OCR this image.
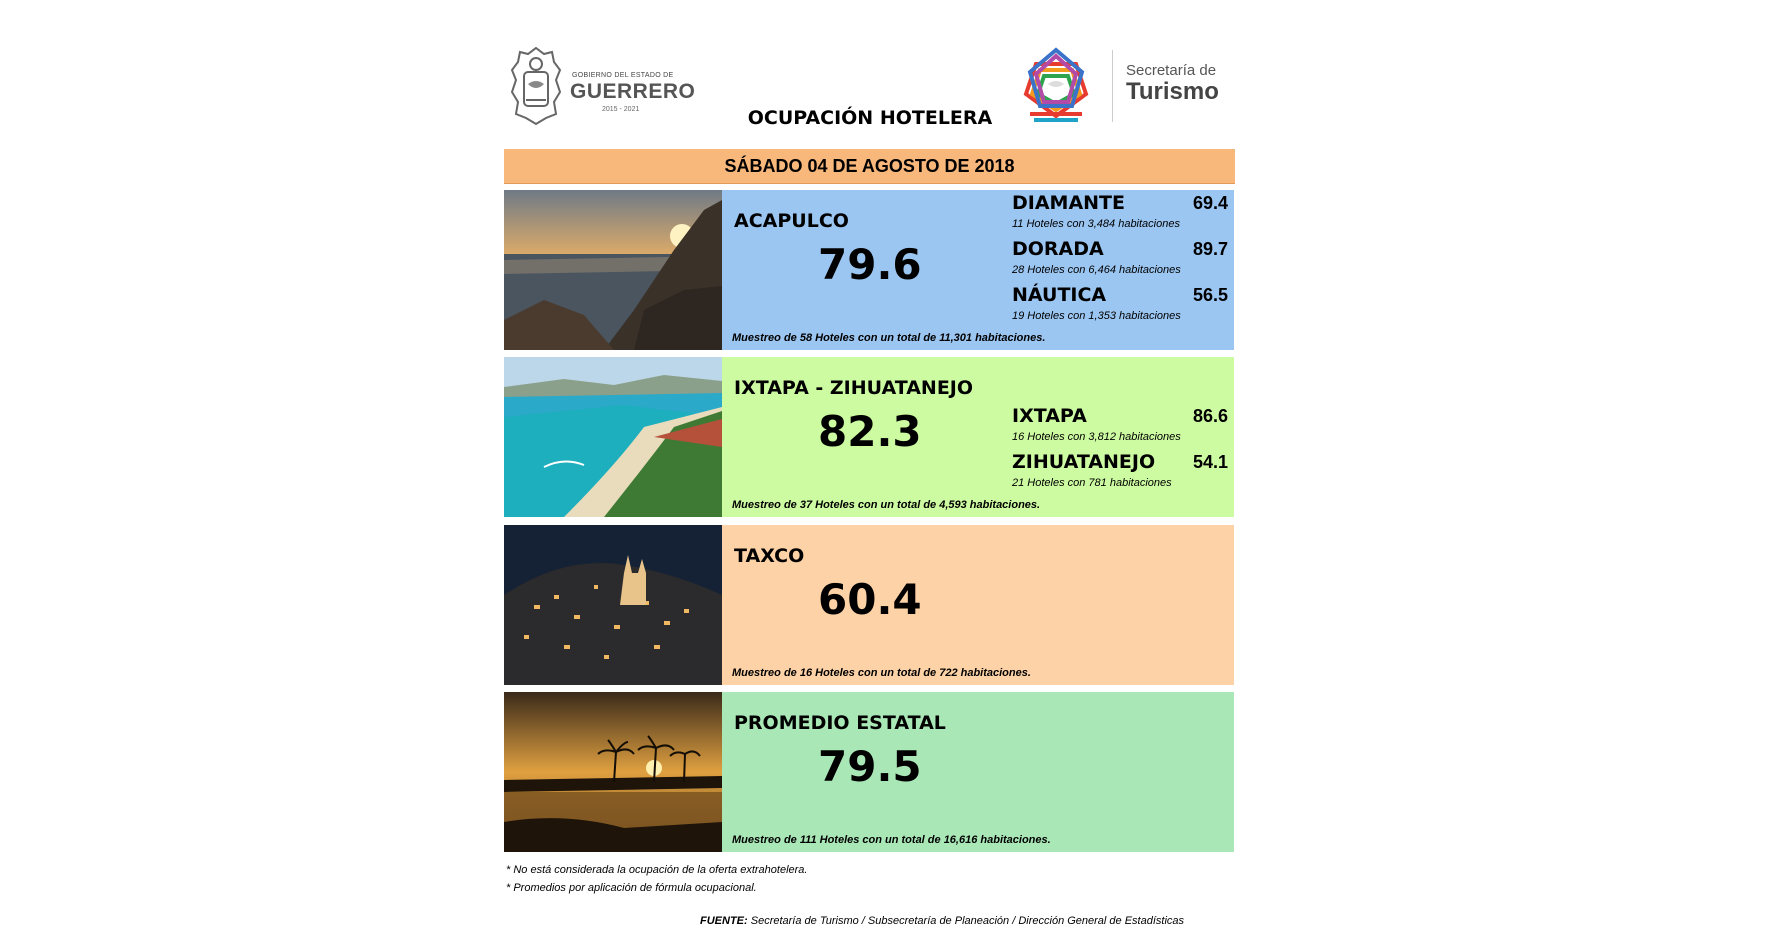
GOBIERNO DEL ESTADO DE
GUERRERO
2015 - 2021
Secretaría de
Turismo
OCUPACIÓN HOTELERA
SÁBADO 04 DE AGOSTO DE 2018
ACAPULCO
79.6
DIAMANTE	69.4
11 Hoteles con 3,484 habitaciones
DORADA	89.7
28 Hoteles con 6,464 habitaciones
NÁUTICA	56.5
19 Hoteles con 1,353 habitaciones
Muestreo de 58 Hoteles con un total de 11,301 habitaciones.
IXTAPA - ZIHUATANEJO
82.3	IXTAPA	86.6
16 Hoteles con 3,812 habitaciones
ZIHUATANEJO 54.1
21 Hoteles con 781 habitaciones
Muestreo de 37 Hoteles con un total de 4,593 habitaciones.
TAXCO
60.4
Muestreo de 16 Hoteles con un total de 722 habitaciones.
PROMEDIO ESTATAL
79.5
Muestreo de 111 Hoteles con un total de 16,616 habitaciones.
* No está considerada la ocupación de la oferta extrahotelera.
* Promedios por aplicación de fórmula ocupacional.
FUENTE: Secretaría de Turismo / Subsecretaría de Planeación / Dirección General de Estadísticas
